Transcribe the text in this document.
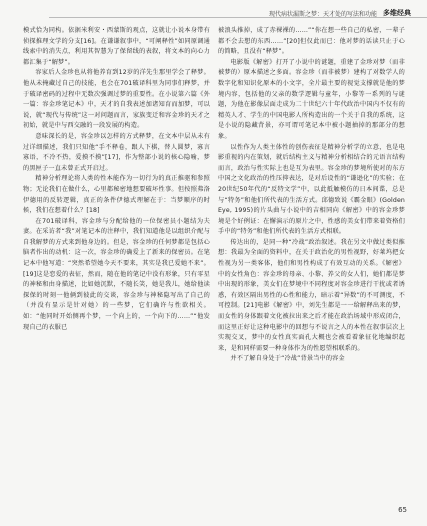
现代病状漏斯之梦：天才处的写法和功能 多维经典

模式恰为同构。依据米利安・西蒙斯的观点，这就让小说本身带有侦探推理文学的分支[16]。在谦谦叙事中，“可阐释性”如同原调通线索中的消失点，利用其智慧为了保留线的表叙，将文本的向心力都汇集于“解梦”。

容家后人金珍也从将他养育到12岁的洋先生那里学会了释梦。他从未掩藏过自己的技能，也会在701破译科里为同事们释梦，并于破译密码的过程中无数次强调过梦的重要性。在小说第六篇《外一篇：容金珍笔记本》中，天才的自我表述加诸知育而加梦，可以说，就“现代与传统”这一对问题而言，家族变迁和容金珍的天才之初始，就是中与西交融的一段发展的构造。

意味深长的是，容金珍以怎样的方式释梦，在文本中层从未有过详细描述，我们只知他“手不释卷，跟人下棋，替人圆梦，寡言寡语，不冷不热，爱摸不摸”[17]，作为整部小说的核心隐喻，梦的黑匣子一直未曾正式开启过。

精神分析理论将人类的性本能作为一切行为的真正推驱和参照物；无论我们在做什么，心里都秘密地想要破坏性事。但按照弗洛伊德用的反转逻辑，真正的条件伊德式理解在于：当梦顺序的时候，我们在想着什么？[18]

在701破译科，容金珍与分配给他的一位保密员小题结为夫妻。在采访者“我”对笔记本的注释中，我们知道他是以组织介配与自我解梦的方式来到他身边的。但是，容金珍的任何梦都是包括心脑者作出的动机：这一次，容金珍的确爱上了新来的保密员。在笔记本中他写道：“突然希望她今天不要来，其实是我已爱她不来”。[19]这是恋爱的表征，然而，随在他的笔记中没有形象，只有零星的神秘和由身描述，比如她沉默，不随长笑，她是我儿，她给他读探保的时刻一他俩到彼此的交谈，容金珍与神秘隐写出了自己的（并没有显示是针对她）的一些梦，它们确许与性欲相关。如：“他同时开始侧再个梦，一个向上的，一个向下的……”“他发现自己的衣服已

被浪头推掉，成了赤裸裸的……”“你在想一些自己的私密，一辈子都不会去想的东西……”[20]但仅此而已：他对梦的话读只止于心的简略，且没有“释梦”。

电影版《解密》打开了小说中的谜题，重建了金珍对梦（而非被梦的）原本描述之多面。容金珍（而非被梦）建构了对数学人的数字化和知识化原本的小文字，全片最主要的视觉支撑就是他的梦境内容，包括他的父亲的数学逻辑与童年，小黎等一系列的与谜题，为他在影像层面走成为二十世纪六十年代政治中国内不仅有的精英人才、学生的中国电影人所构造出的一个关于自我的系统，这是小说的隐藏背景，亦可谓可笔记本中被小题抽掉的那部分的想象。

以性作为人类主体性的创伤表征是精神分析学的立意，也是电影重视的内在策划，就后结构主义与精神分析相结合的元语言结构而言，政治与性实际上也是互为表里。容金珍的梦境所使对的东方中国之文化政治的性压抑表达，是对后设性的“谦逊化”的实验；在20世纪50年代的“反特文学”中，以此抵触模仿的日本间谍，总是与“特务”和他们所代表的生活方式。邱德致说《霸金眼》(Golden Eye, 1995)的片头曲与小说中的吉相同向《解密》中的容金珍梦境是个好例证：在懈演示的原片之中，性感的美女们带来着资格们手中的“特务”和他们所代表的生活方式相联。

传达出的，是同一种“冷战”政治叙述。我在另文中做过类似推想：我最为全面的资料中，在关于政治化的男性视野，好莱坞把女性视为另一类客体，他们和男性构成了有效互动的关系。《解密》中的女性角色：容金珍的母亲、小黎、养父的女人们，她们都是梦中出现的形象，美女们在梦境中不同程度对容金珍进行干扰或者诱惑，有效区隔出男性的心性和能力，暗示着“异数”的不可测度，不可控制。[21]电影《解密》中，刘先生都是一一给解释出来的梦，而女性的身体跟着文化被拉出来之后才能在政治场域中形成闭合，而这里正好让这种电影中的回想与不说言之人的本性在叙事层次上实现交叉，梦中的女性真实面孔大概也会被看着象征化地编织起来，是和同样需要一种身体作为的性愿望相联系的。

并不了解自身处于“冷战”背景当中的容金

65
